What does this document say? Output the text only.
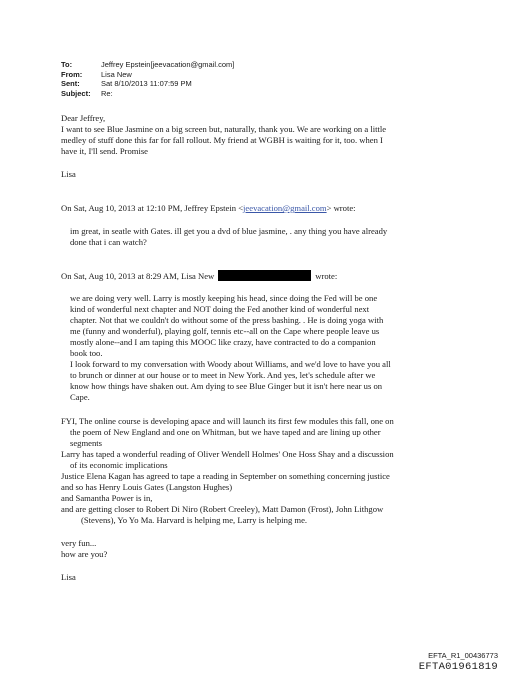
To:	Jeffrey Epstein[jeevacation@gmail.com]
From:	Lisa New
Sent:	Sat 8/10/2013 11:07:59 PM
Subject:	Re:

Dear Jeffrey,

I want to see Blue Jasmine on a big screen but, naturally, thank you. We are working on a little

medley of stuff done this far for fall rollout. My friend at WGBH is waiting for it, too. when I

have it, I'll send. Promise

Lisa

On Sat, Aug 10, 2013 at 12:10 PM, Jeffrey Epstein <jeevacation@gmail.com> wrote:

im great, in seatle with Gates. ill get you a dvd of blue jasmine, . any thing you have already

done that i can watch?

On Sat, Aug 10, 2013 at 8:29 AM, Lisa New	wrote:

we are doing very well. Larry is mostly keeping his head, since doing the Fed will be one

kind of wonderful next chapter and NOT doing the Fed another kind of wonderful next

chapter. Not that we couldn't do without some of the press bashing. . He is doing yoga with

me (funny and wonderful), playing golf, tennis etc--all on the Cape where people leave us

mostly alone--and I am taping this MOOC like crazy, have contracted to do a companion

book too.

I look forward to my conversation with Woody about Williams, and we'd love to have you all

to brunch or dinner at our house or to meet in New York. And yes, let's schedule after we

know how things have shaken out. Am dying to see Blue Ginger but it isn't here near us on

Cape.

FYI, The online course is developing apace and will launch its first few modules this fall, one on

the poem of New England and one on Whitman, but we have taped and are lining up other

segments

Larry has taped a wonderful reading of Oliver Wendell Holmes' One Hoss Shay and a discussion

of its economic implications

Justice Elena Kagan has agreed to tape a reading in September on something concerning justice

and so has Henry Louis Gates (Langston Hughes)

and Samantha Power is in,

and are getting closer to Robert Di Niro (Robert Creeley), Matt Damon (Frost), John Lithgow

(Stevens), Yo Yo Ma. Harvard is helping me, Larry is helping me.

very fun...

how are you?

Lisa

EFTA_R1_00436773
EFTA01961819
